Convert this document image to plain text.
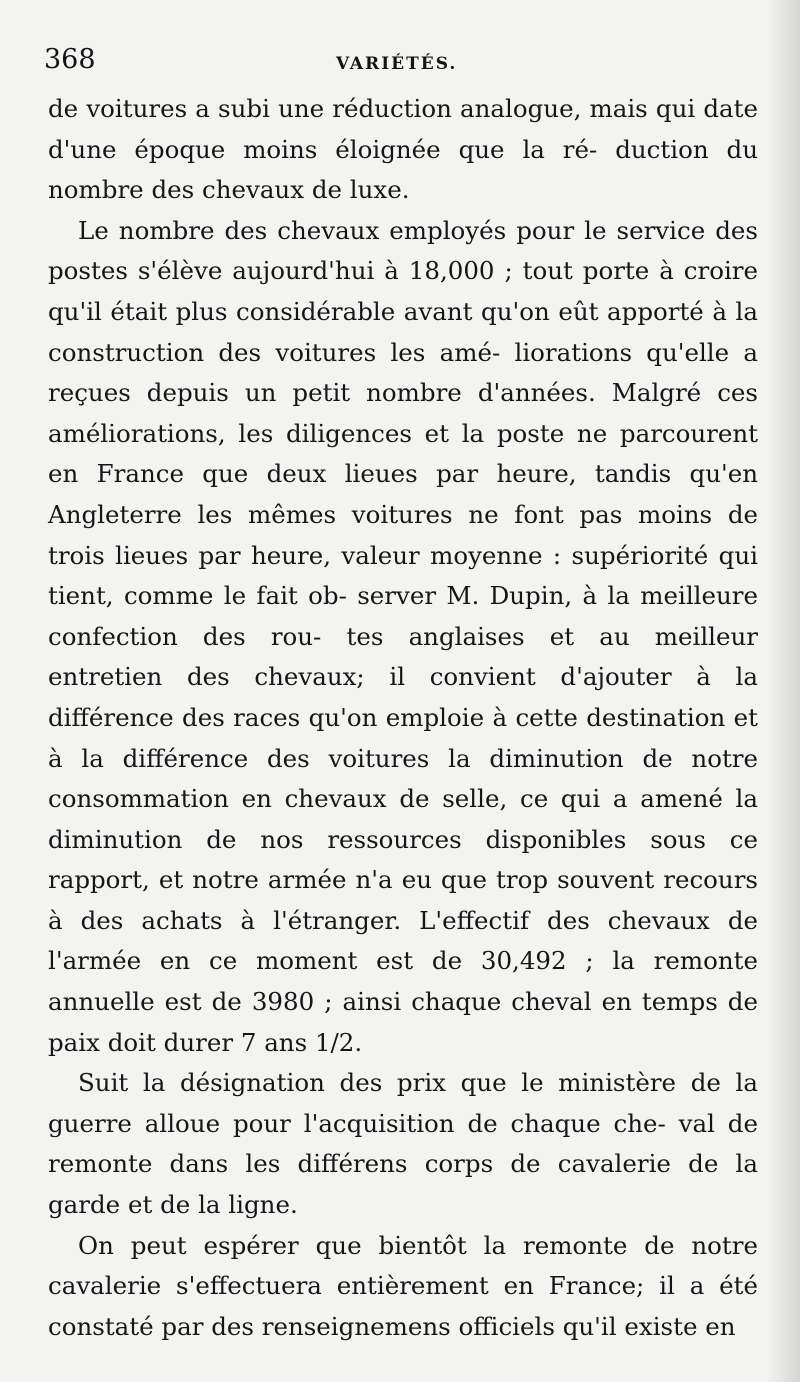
368	VARIÉTÉS.

de voitures a subi une réduction analogue, mais qui date d'une époque moins éloignée que la ré- duction du nombre des chevaux de luxe.

Le nombre des chevaux employés pour le service des postes s'élève aujourd'hui à 18,000 ; tout porte à croire qu'il était plus considérable avant qu'on eût apporté à la construction des voitures les amé- liorations qu'elle a reçues depuis un petit nombre d'années. Malgré ces améliorations, les diligences et la poste ne parcourent en France que deux lieues par heure, tandis qu'en Angleterre les mêmes voitures ne font pas moins de trois lieues par heure, valeur moyenne : supériorité qui tient, comme le fait ob- server M. Dupin, à la meilleure confection des rou- tes anglaises et au meilleur entretien des chevaux; il convient d'ajouter à la différence des races qu'on emploie à cette destination et à la différence des voitures la diminution de notre consommation en chevaux de selle, ce qui a amené la diminution de nos ressources disponibles sous ce rapport, et notre armée n'a eu que trop souvent recours à des achats à l'étranger. L'effectif des chevaux de l'armée en ce moment est de 30,492 ; la remonte annuelle est de 3980 ; ainsi chaque cheval en temps de paix doit durer 7 ans 1/2.

Suit la désignation des prix que le ministère de la guerre alloue pour l'acquisition de chaque che- val de remonte dans les différens corps de cavalerie de la garde et de la ligne.

On peut espérer que bientôt la remonte de notre cavalerie s'effectuera entièrement en France; il a été constaté par des renseignemens officiels qu'il existe en
